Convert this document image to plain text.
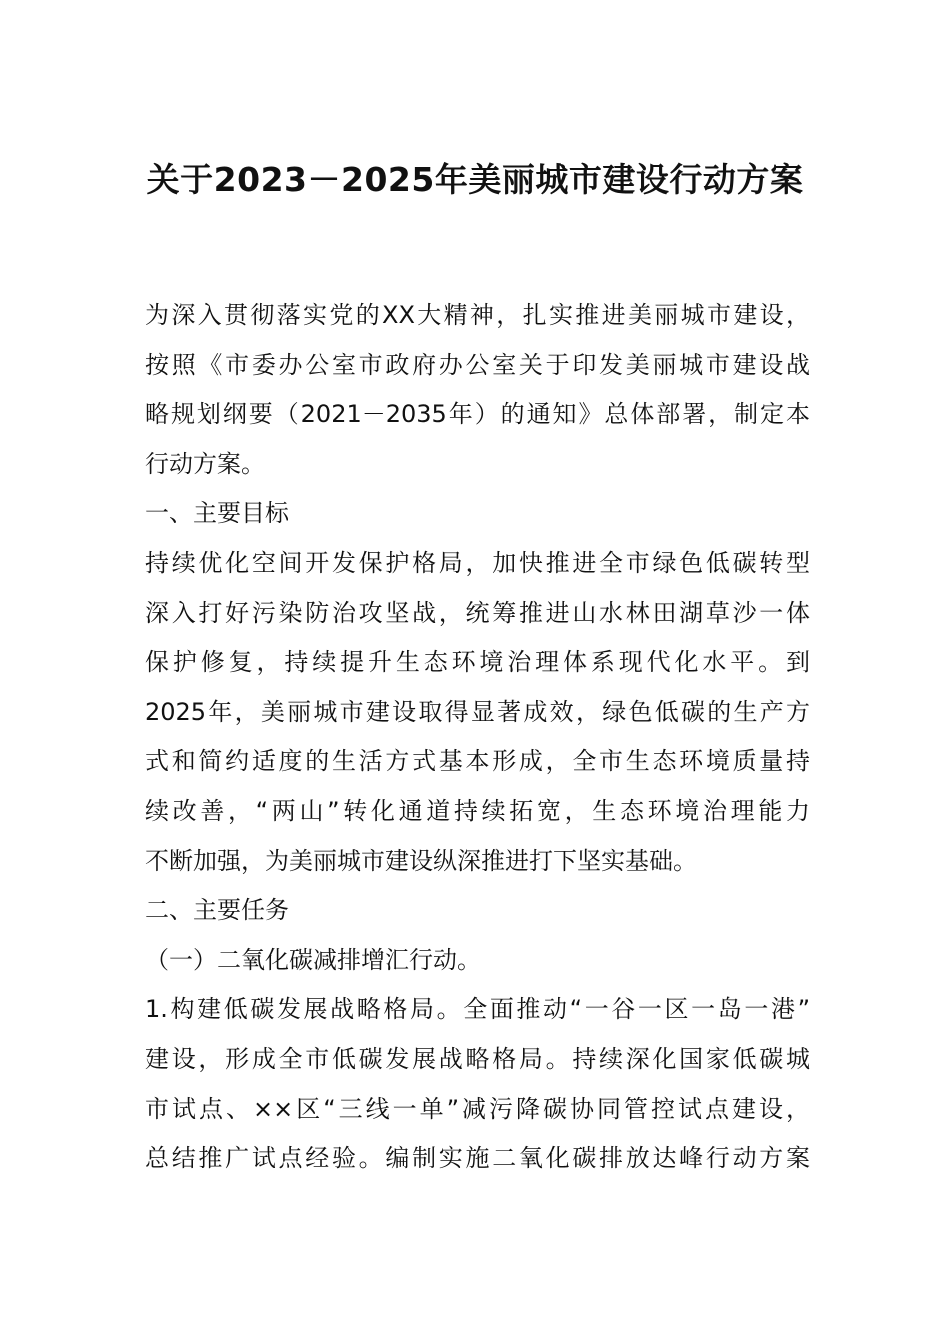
关于2023－2025年美丽城市建设行动方案
为深入贯彻落实党的XX大精神，扎实推进美丽城市建设，
按照《市委办公室市政府办公室关于印发美丽城市建设战
略规划纲要（2021－2035年）的通知》总体部署，制定本
行动方案。
一、主要目标
持续优化空间开发保护格局，加快推进全市绿色低碳转型
深入打好污染防治攻坚战，统筹推进山水林田湖草沙一体
保护修复，持续提升生态环境治理体系现代化水平。到
2025年，美丽城市建设取得显著成效，绿色低碳的生产方
式和简约适度的生活方式基本形成，全市生态环境质量持
续改善，“两山”转化通道持续拓宽，生态环境治理能力
不断加强，为美丽城市建设纵深推进打下坚实基础。
二、主要任务
（一）二氧化碳减排增汇行动。
1.构建低碳发展战略格局。全面推动“一谷一区一岛一港”
建设，形成全市低碳发展战略格局。持续深化国家低碳城
市试点、××区“三线一单”减污降碳协同管控试点建设，
总结推广试点经验。编制实施二氧化碳排放达峰行动方案
